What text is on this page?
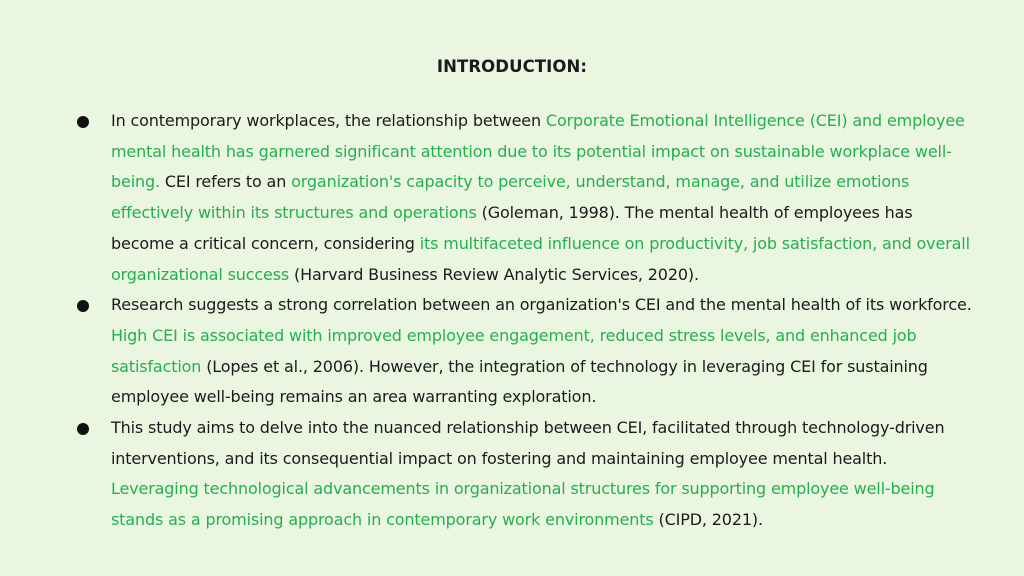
INTRODUCTION:
In contemporary workplaces, the relationship between Corporate Emotional Intelligence (CEI) and employee mental health has garnered significant attention due to its potential impact on sustainable workplace well-being. CEI refers to an organization's capacity to perceive, understand, manage, and utilize emotions effectively within its structures and operations (Goleman, 1998). The mental health of employees has become a critical concern, considering its multifaceted influence on productivity, job satisfaction, and overall organizational success (Harvard Business Review Analytic Services, 2020).
Research suggests a strong correlation between an organization's CEI and the mental health of its workforce. High CEI is associated with improved employee engagement, reduced stress levels, and enhanced job satisfaction (Lopes et al., 2006). However, the integration of technology in leveraging CEI for sustaining employee well-being remains an area warranting exploration.
This study aims to delve into the nuanced relationship between CEI, facilitated through technology-driven interventions, and its consequential impact on fostering and maintaining employee mental health. Leveraging technological advancements in organizational structures for supporting employee well-being stands as a promising approach in contemporary work environments (CIPD, 2021).
